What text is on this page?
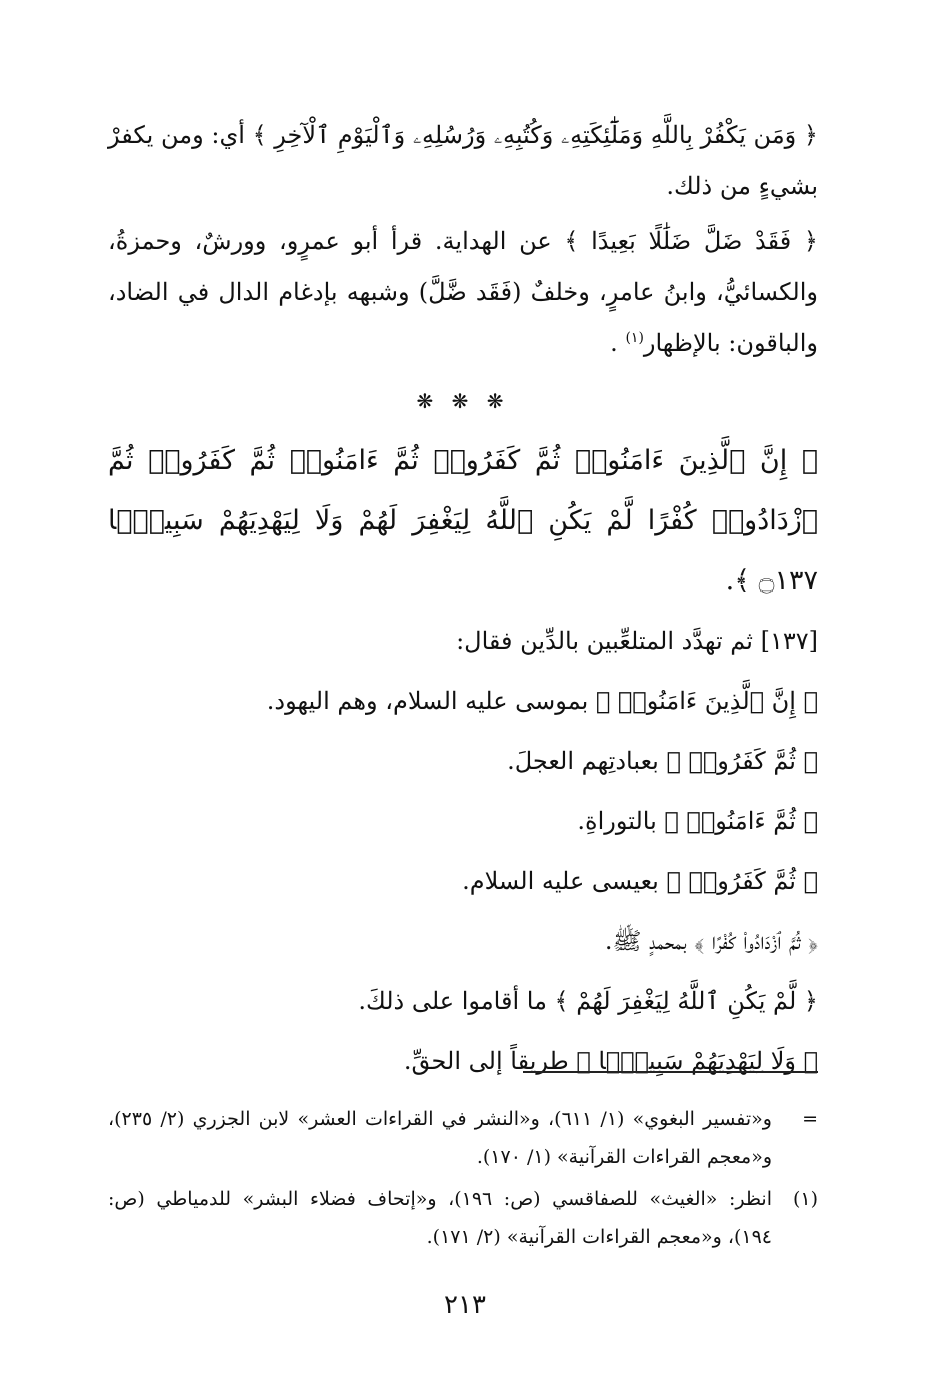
﴿ وَمَن يَكْفُرْ بِاللَّهِ وَمَلَٰٓئِكَتِهِۦ وَكُتُبِهِۦ وَرُسُلِهِۦ وَٱلْيَوْمِ ٱلْآخِرِ ﴾ أي: ومن يكفرْ بشيءٍ من ذلك.

﴿ فَقَدْ ضَلَّ ضَلَٰلًا بَعِيدًا ﴾ عن الهداية. قرأ أبو عمرٍو، وورشٌ، وحمزةُ، والكسائيُّ، وابنُ عامرٍ، وخلفٌ (فَقَد ضَّلَّ) وشبهه بإدغام الدال في الضاد، والباقون: بالإظهار$^{(١)}$ .

❋ ❋ ❋

﴿ إِنَّ ٱلَّذِينَ ءَامَنُوا۟ ثُمَّ كَفَرُوا۟ ثُمَّ ءَامَنُوا۟ ثُمَّ كَفَرُوا۟ ثُمَّ ٱزْدَادُوا۟ كُفْرًا لَّمْ يَكُنِ ٱللَّهُ لِيَغْفِرَ لَهُمْ وَلَا لِيَهْدِيَهُمْ سَبِيلًۢا ۝١٣٧ ﴾.

[١٣٧] ثم تهدَّد المتلعِّبين بالدِّين فقال:

﴿ إِنَّ ٱلَّذِينَ ءَامَنُوا۟ ﴾ بموسى عليه السلام، وهم اليهود.

﴿ ثُمَّ كَفَرُوا۟ ﴾ بعبادتِهم العجلَ.

﴿ ثُمَّ ءَامَنُوا۟ ﴾ بالتوراةِ.

﴿ ثُمَّ كَفَرُوا۟ ﴾ بعيسى عليه السلام.

﴿ ثُمَّ ٱزْدَادُوا۟ كُفْرًا ﴾ بمحمدٍ ﷺ.

﴿ لَّمْ يَكُنِ ٱللَّهُ لِيَغْفِرَ لَهُمْ ﴾ ما أقاموا على ذلكَ.

﴿ وَلَا لِيَهْدِيَهُمْ سَبِيلًۢا ﴾ طريقاً إلى الحقِّ.

=
و«تفسير البغوي» (١/ ٦١١)، و«النشر في القراءات العشر» لابن الجزري (٢/ ٢٣٥)، و«معجم القراءات القرآنية» (١/ ١٧٠).
(١)
انظر: «الغيث» للصفاقسي (ص: ١٩٦)، و«إتحاف فضلاء البشر» للدمياطي (ص: ١٩٤)، و«معجم القراءات القرآنية» (٢/ ١٧١).
٢١٣
